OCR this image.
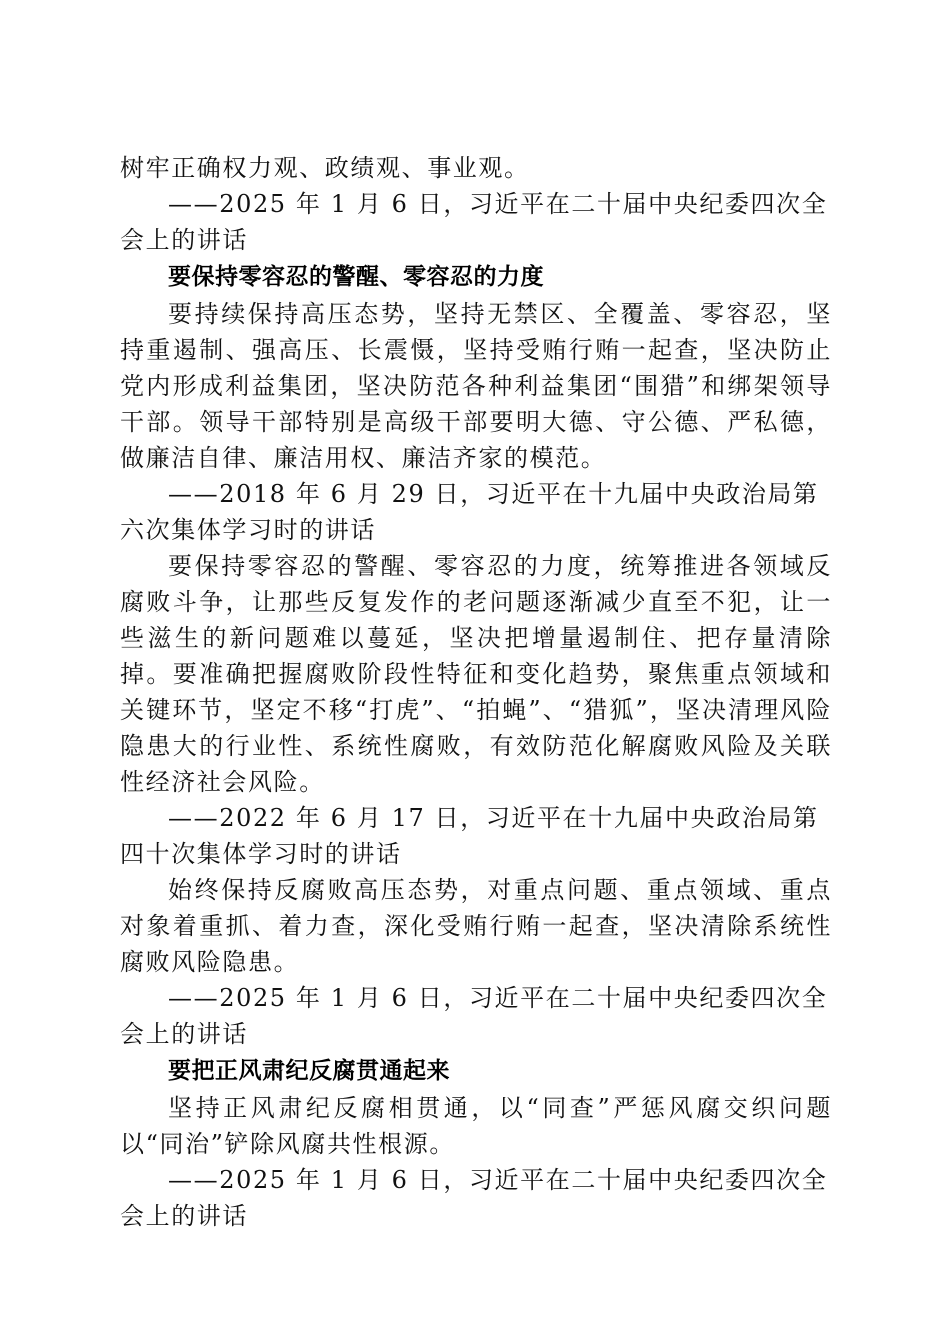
树牢正确权力观、政绩观、事业观。

——2025 年 1 月 6 日，习近平在二十届中央纪委四次全会上的讲话

要保持零容忍的警醒、零容忍的力度

要持续保持高压态势，坚持无禁区、全覆盖、零容忍，坚持重遏制、强高压、长震慑，坚持受贿行贿一起查，坚决防止党内形成利益集团，坚决防范各种利益集团“围猎”和绑架领导干部。领导干部特别是高级干部要明大德、守公德、严私德，做廉洁自律、廉洁用权、廉洁齐家的模范。

——2018 年 6 月 29 日，习近平在十九届中央政治局第六次集体学习时的讲话

要保持零容忍的警醒、零容忍的力度，统筹推进各领域反腐败斗争，让那些反复发作的老问题逐渐减少直至不犯，让一些滋生的新问题难以蔓延，坚决把增量遏制住、把存量清除掉。要准确把握腐败阶段性特征和变化趋势，聚焦重点领域和关键环节，坚定不移“打虎”、“拍蝇”、“猎狐”，坚决清理风险隐患大的行业性、系统性腐败，有效防范化解腐败风险及关联性经济社会风险。

——2022 年 6 月 17 日，习近平在十九届中央政治局第四十次集体学习时的讲话

始终保持反腐败高压态势，对重点问题、重点领域、重点对象着重抓、着力查，深化受贿行贿一起查，坚决清除系统性腐败风险隐患。

——2025 年 1 月 6 日，习近平在二十届中央纪委四次全会上的讲话

要把正风肃纪反腐贯通起来

坚持正风肃纪反腐相贯通，以“同查”严惩风腐交织问题以“同治”铲除风腐共性根源。

——2025 年 1 月 6 日，习近平在二十届中央纪委四次全会上的讲话
